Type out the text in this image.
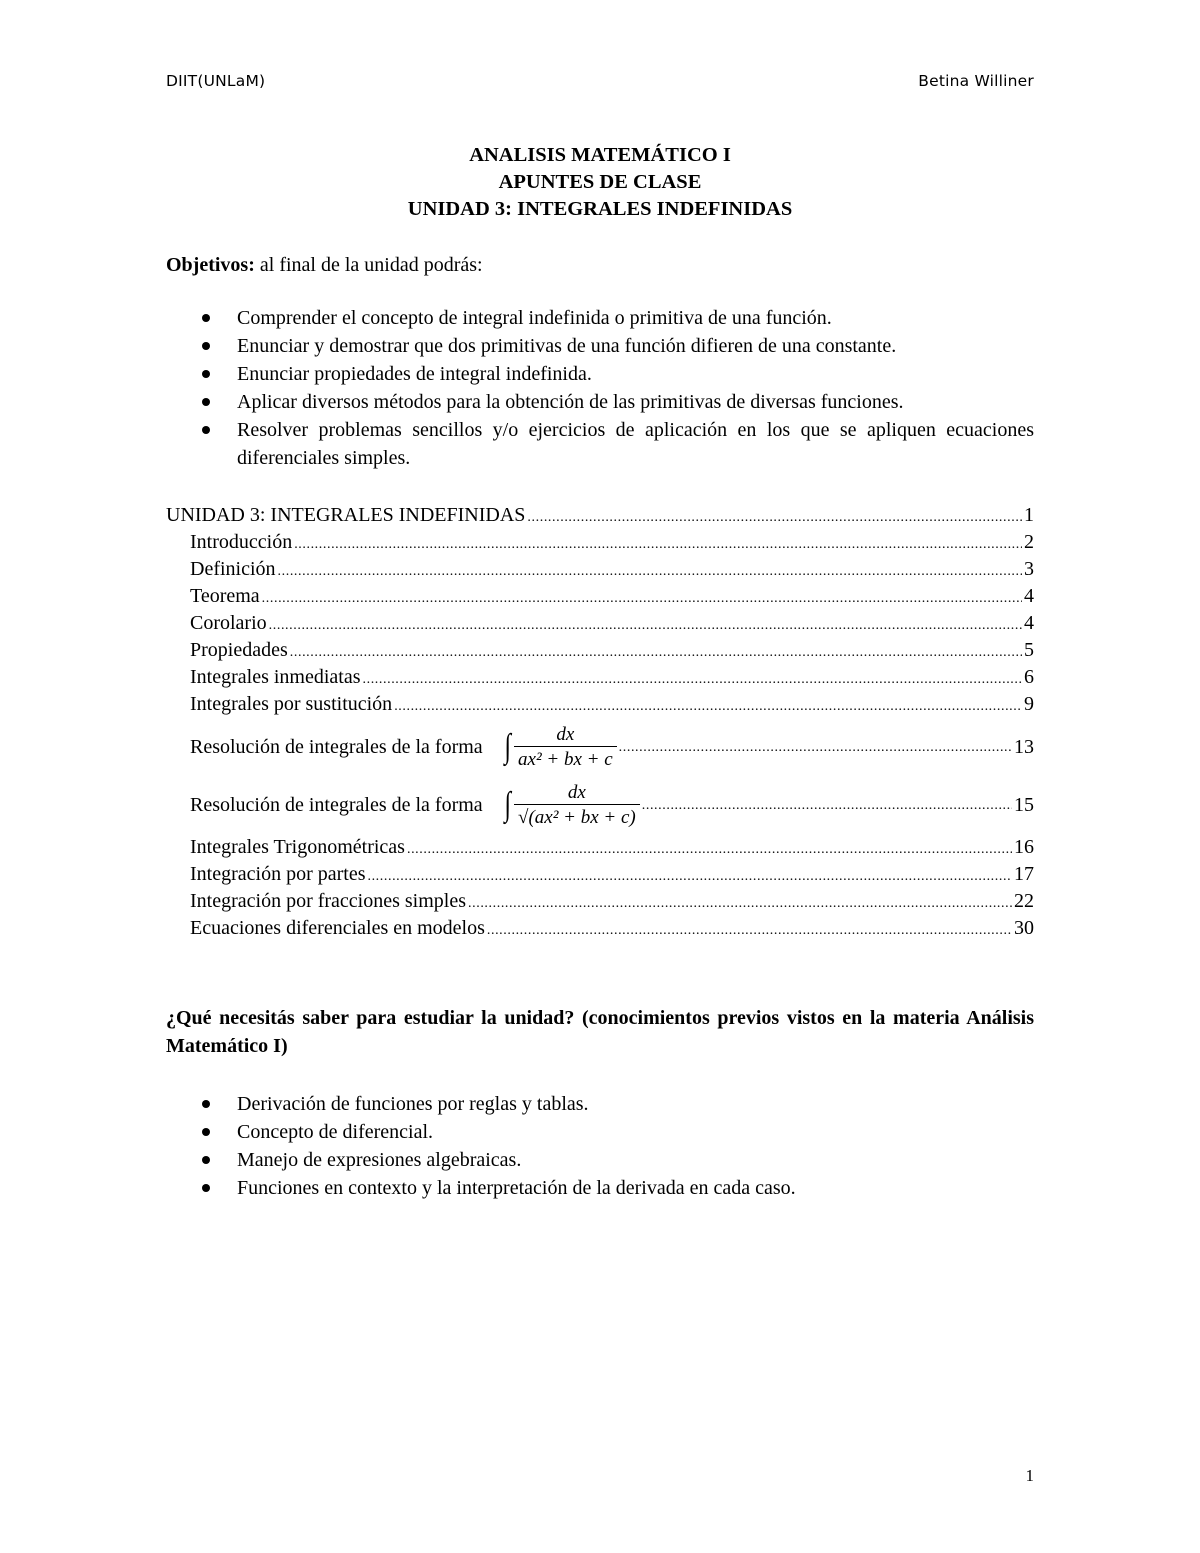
DIIT(UNLaM)	Betina Williner
ANALISIS MATEMÁTICO I
APUNTES DE CLASE
UNIDAD 3: INTEGRALES INDEFINIDAS
Objetivos: al final de la unidad podrás:
Comprender el concepto de integral indefinida o primitiva de una función.
Enunciar y demostrar que dos primitivas de una función difieren de una constante.
Enunciar propiedades de integral indefinida.
Aplicar diversos métodos para la obtención de las primitivas de diversas funciones.
Resolver problemas sencillos y/o ejercicios de aplicación en los que se apliquen ecuaciones diferenciales simples.
UNIDAD 3: INTEGRALES INDEFINIDAS .....	1
Introducción .....	2
Definición .....	3
Teorema .....	4
Corolario .....	4
Propiedades .....	5
Integrales inmediatas .....	6
Integrales por sustitución .....	9
Resolución de integrales de la forma ∫ $\frac{dx}{\text{ax² + bx + c}}$ .....	13
Resolución de integrales de la forma ∫ $\frac{dx}{\text{√(ax² + bx + c)}}$ .....	15
Integrales Trigonométricas .....	16
Integración por partes .....	17
Integración por fracciones simples .....	22
Ecuaciones diferenciales en modelos .....	30
¿Qué necesitás saber para estudiar la unidad? (conocimientos previos vistos en la materia Análisis Matemático I)
Derivación de funciones por reglas y tablas.
Concepto de diferencial.
Manejo de expresiones algebraicas.
Funciones en contexto y la interpretación de la derivada en cada caso.
1
